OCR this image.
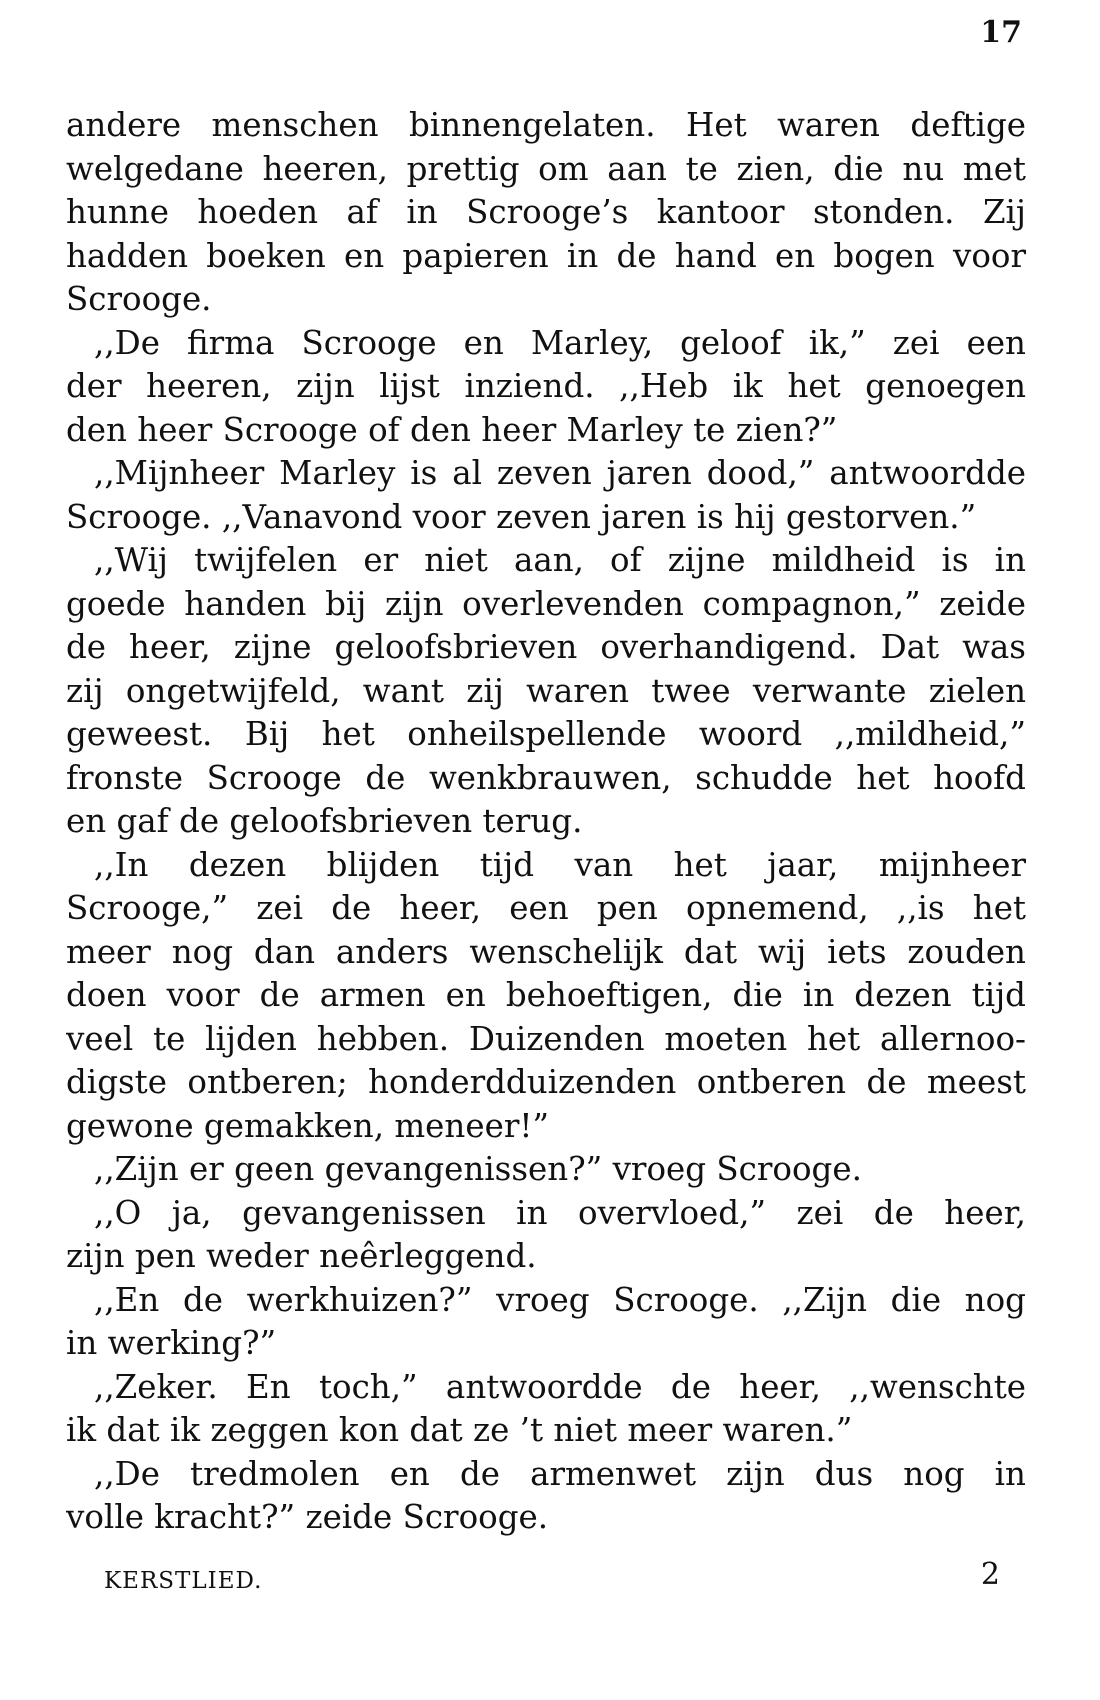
17

andere menschen binnengelaten. Het waren deftige
welgedane heeren, prettig om aan te zien, die nu met
hunne hoeden af in Scrooge’s kantoor stonden. Zij
hadden boeken en papieren in de hand en bogen voor
Scrooge.

,,De firma Scrooge en Marley, geloof ik,” zei een
der heeren, zijn lijst inziend. ,,Heb ik het genoegen
den heer Scrooge of den heer Marley te zien?”

,,Mijnheer Marley is al zeven jaren dood,” antwoordde
Scrooge. ,,Vanavond voor zeven jaren is hij gestorven.”

,,Wij twijfelen er niet aan, of zijne mildheid is in
goede handen bij zijn overlevenden compagnon,” zeide
de heer, zijne geloofsbrieven overhandigend. Dat was
zij ongetwijfeld, want zij waren twee verwante zielen
geweest. Bij het onheilspellende woord ,,mildheid,”
fronste Scrooge de wenkbrauwen, schudde het hoofd
en gaf de geloofsbrieven terug.

,,In dezen blijden tijd van het jaar, mijnheer
Scrooge,” zei de heer, een pen opnemend, ,,is het
meer nog dan anders wenschelijk dat wij iets zouden
doen voor de armen en behoeftigen, die in dezen tijd
veel te lijden hebben. Duizenden moeten het allernoo-
digste ontberen; honderdduizenden ontberen de meest
gewone gemakken, meneer!”

,,Zijn er geen gevangenissen?” vroeg Scrooge.

,,O ja, gevangenissen in overvloed,” zei de heer,
zijn pen weder neêrleggend.

,,En de werkhuizen?” vroeg Scrooge. ,,Zijn die nog
in werking?”

,,Zeker. En toch,” antwoordde de heer, ,,wenschte
ik dat ik zeggen kon dat ze ’t niet meer waren.”

,,De tredmolen en de armenwet zijn dus nog in
volle kracht?” zeide Scrooge.

KERSTLIED.	2
